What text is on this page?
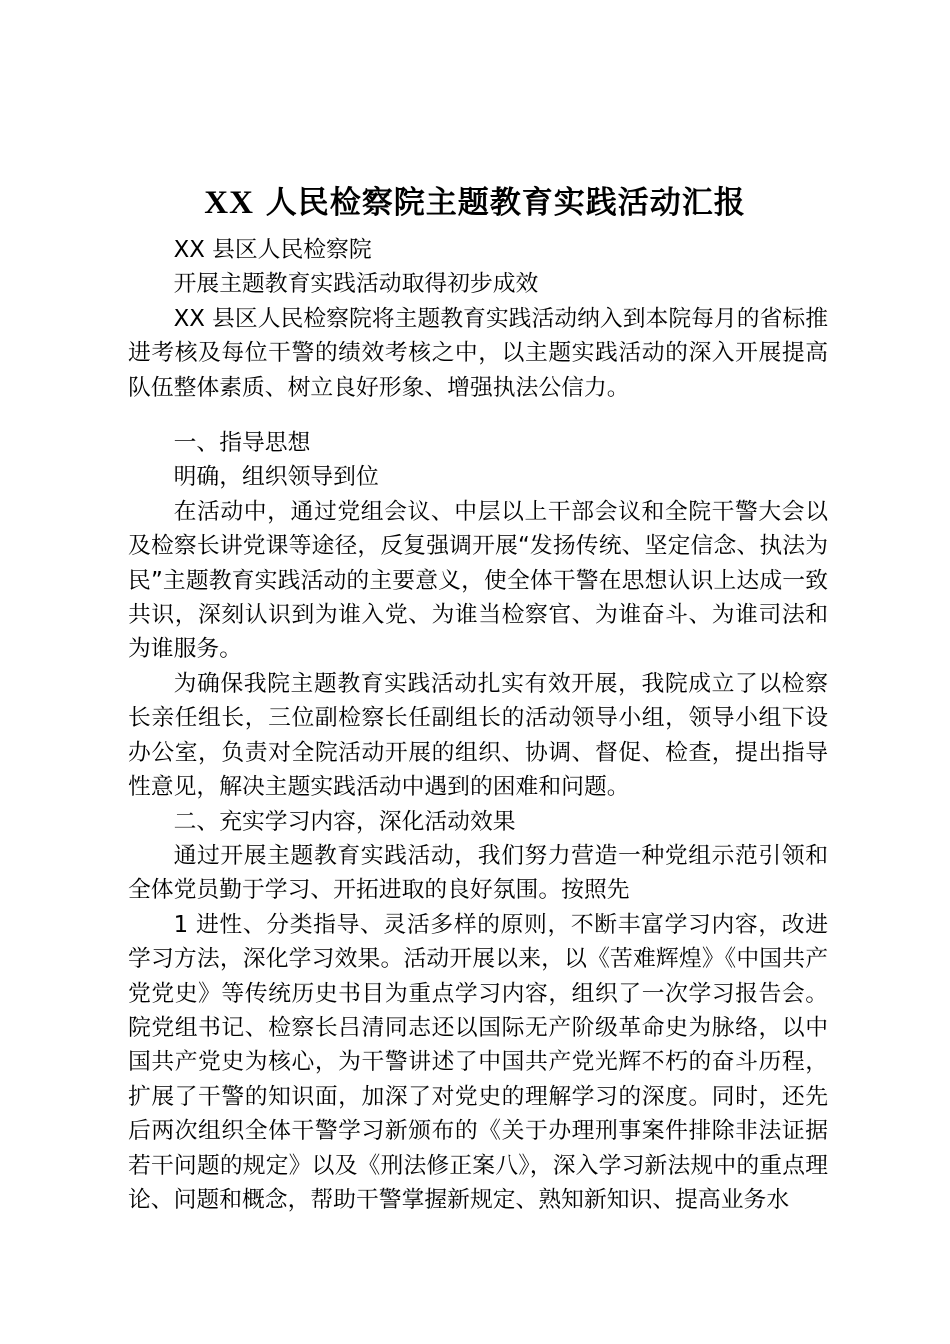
XX 人民检察院主题教育实践活动汇报

XX 县区人民检察院

开展主题教育实践活动取得初步成效

XX 县区人民检察院将主题教育实践活动纳入到本院每月的省标推进考核及每位干警的绩效考核之中，以主题实践活动的深入开展提高队伍整体素质、树立良好形象、增强执法公信力。

一、指导思想

明确，组织领导到位

在活动中，通过党组会议、中层以上干部会议和全院干警大会以及检察长讲党课等途径，反复强调开展“发扬传统、坚定信念、执法为民”主题教育实践活动的主要意义，使全体干警在思想认识上达成一致共识，深刻认识到为谁入党、为谁当检察官、为谁奋斗、为谁司法和为谁服务。

为确保我院主题教育实践活动扎实有效开展，我院成立了以检察长亲任组长，三位副检察长任副组长的活动领导小组，领导小组下设办公室，负责对全院活动开展的组织、协调、督促、检查，提出指导性意见，解决主题实践活动中遇到的困难和问题。

二、充实学习内容，深化活动效果

通过开展主题教育实践活动，我们努力营造一种党组示范引领和全体党员勤于学习、开拓进取的良好氛围。按照先

1 进性、分类指导、灵活多样的原则，不断丰富学习内容，改进学习方法，深化学习效果。活动开展以来，以《苦难辉煌》《中国共产党党史》等传统历史书目为重点学习内容，组织了一次学习报告会。院党组书记、检察长吕清同志还以国际无产阶级革命史为脉络，以中国共产党史为核心，为干警讲述了中国共产党光辉不朽的奋斗历程，扩展了干警的知识面，加深了对党史的理解学习的深度。同时，还先后两次组织全体干警学习新颁布的《关于办理刑事案件排除非法证据若干问题的规定》以及《刑法修正案八》，深入学习新法规中的重点理论、问题和概念，帮助干警掌握新规定、熟知新知识、提高业务水
